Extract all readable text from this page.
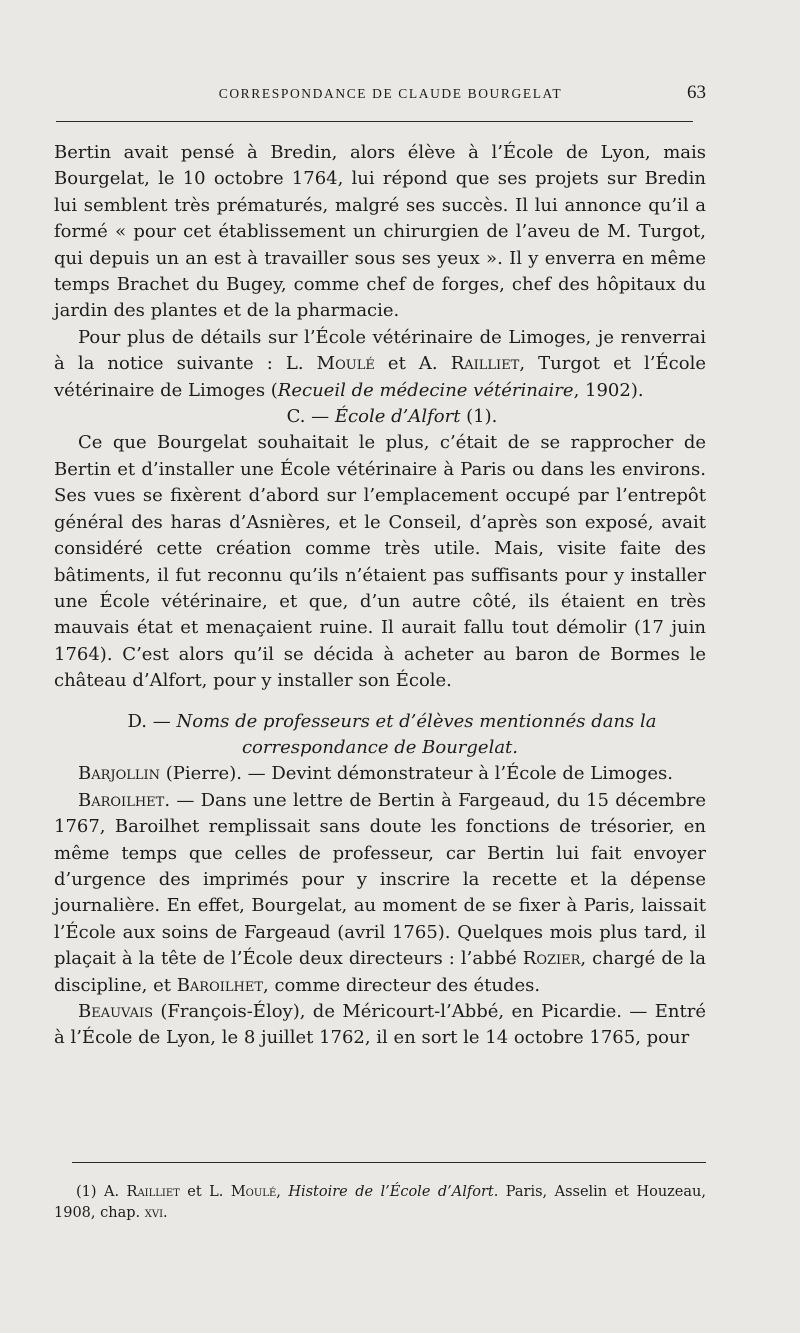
CORRESPONDANCE DE CLAUDE BOURGELAT	63

Bertin avait pensé à Bredin, alors élève à l’École de Lyon, mais Bourgelat, le 10 octobre 1764, lui répond que ses projets sur Bredin lui semblent très prématurés, malgré ses succès. Il lui annonce qu’il a formé « pour cet établissement un chirurgien de l’aveu de M. Turgot, qui depuis un an est à travailler sous ses yeux ». Il y enverra en même temps Brachet du Bugey, comme chef de forges, chef des hôpitaux du jardin des plantes et de la pharmacie.

Pour plus de détails sur l’École vétérinaire de Limoges, je renverrai à la notice suivante : L. Moulé et A. Railliet, Turgot et l’École vétérinaire de Limoges (Recueil de médecine vétérinaire, 1902).

C. — École d’Alfort (1).

Ce que Bourgelat souhaitait le plus, c’était de se rapprocher de Bertin et d’installer une École vétérinaire à Paris ou dans les environs. Ses vues se fixèrent d’abord sur l’emplacement occupé par l’entrepôt général des haras d’Asnières, et le Conseil, d’après son exposé, avait considéré cette création comme très utile. Mais, visite faite des bâtiments, il fut reconnu qu’ils n’étaient pas suffisants pour y installer une École vétérinaire, et que, d’un autre côté, ils étaient en très mauvais état et menaçaient ruine. Il aurait fallu tout démolir (17 juin 1764). C’est alors qu’il se décida à acheter au baron de Bormes le château d’Alfort, pour y installer son École.

D. — Noms de professeurs et d’élèves mentionnés dans la correspondance de Bourgelat.

Barjollin (Pierre). — Devint démonstrateur à l’École de Limoges.

Baroilhet. — Dans une lettre de Bertin à Fargeaud, du 15 décembre 1767, Baroilhet remplissait sans doute les fonctions de trésorier, en même temps que celles de professeur, car Bertin lui fait envoyer d’urgence des imprimés pour y inscrire la recette et la dépense journalière. En effet, Bourgelat, au moment de se fixer à Paris, laissait l’École aux soins de Fargeaud (avril 1765). Quelques mois plus tard, il plaçait à la tête de l’École deux directeurs : l’abbé Rozier, chargé de la discipline, et Baroilhet, comme directeur des études.

Beauvais (François-Éloy), de Méricourt-l’Abbé, en Picardie. — Entré à l’École de Lyon, le 8 juillet 1762, il en sort le 14 octobre 1765, pour

(1) A. Railliet et L. Moulé, Histoire de l’École d’Alfort. Paris, Asselin et Houzeau, 1908, chap. xvi.
